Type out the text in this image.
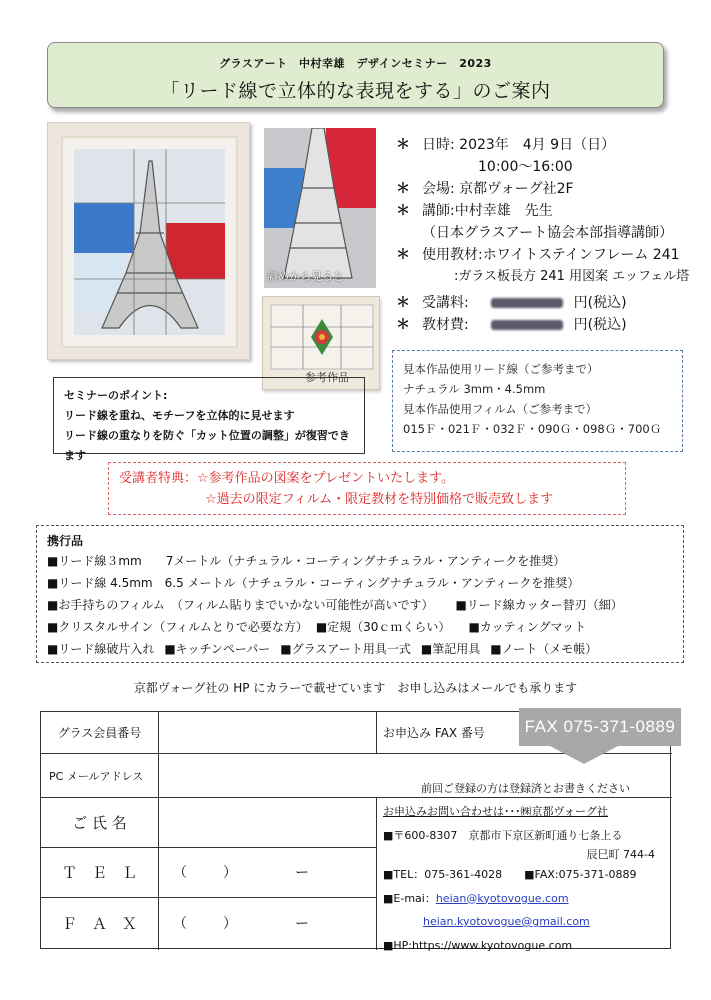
グラスアート　中村幸雄　デザインセミナー　2023
「リード線で立体的な表現をする」のご案内
斜めから見ると
参考作品
＊ 日時: 2023年　4月 9日（日）
10:00～16:00
＊ 会場: 京都ヴォーグ社2F
＊ 講師:中村幸雄　先生
（日本グラスアート協会本部指導講師）
＊ 使用教材:ホワイトステインフレーム 241
:ガラス板長方 241 用図案 エッフェル塔
＊ 受講料:	円(税込)
＊ 教材費:	円(税込)
見本作品使用リード線（ご参考まで）
ナチュラル 3mm・4.5mm
見本作品使用フィルム（ご参考まで）
015Ｆ・021Ｆ・032Ｆ・090Ｇ・098Ｇ・700Ｇ
セミナーのポイント:
リード線を重ね、モチーフを立体的に見せます
リード線の重なりを防ぐ「カット位置の調整」が復習できます
受講者特典：☆参考作品の図案をプレゼントいたします。
☆過去の限定フィルム・限定教材を特別価格で販売致します
携行品
■リード線３mm　　7メートル（ナチュラル・コーティングナチュラル・アンティークを推奨）
■リード線 4.5mm　6.5 メートル（ナチュラル・コーティングナチュラル・アンティークを推奨）
■お手持ちのフィルム　（フィルム貼りまでいかない可能性が高いです） ■リード線カッター替刃（細）
■クリスタルサイン（フィルムとりで必要な方） ■定規（30ｃｍくらい） ■カッティングマット
■リード線破片入れ ■キッチンペーパー ■グラスアート用具一式 ■筆記用具 ■ノート（メモ帳）
京都ヴォーグ社の HP にカラーで載せています　お申し込みはメールでも承ります
グラス会員番号	お申込み FAX 番号
PC メールアドレス
前回ご登録の方は登録済とお書きください
ご 氏 名
Ｔ　Ｅ　Ｌ	（	）	ー
Ｆ　Ａ　Ｘ	（	）	ー
お申込みお問い合わせは･･･㈱京都ヴォーグ社
■〒600-8307　京都市下京区新町通り七条上る
辰巳町 744-4
■TEL：075-361-4028　　■FAX:075-371-0889
■E-mai：heian@kyotovogue.com
heian.kyotovogue@gmail.com
■HP:https://www.kyotovogue.com
FAX 075-371-0889
